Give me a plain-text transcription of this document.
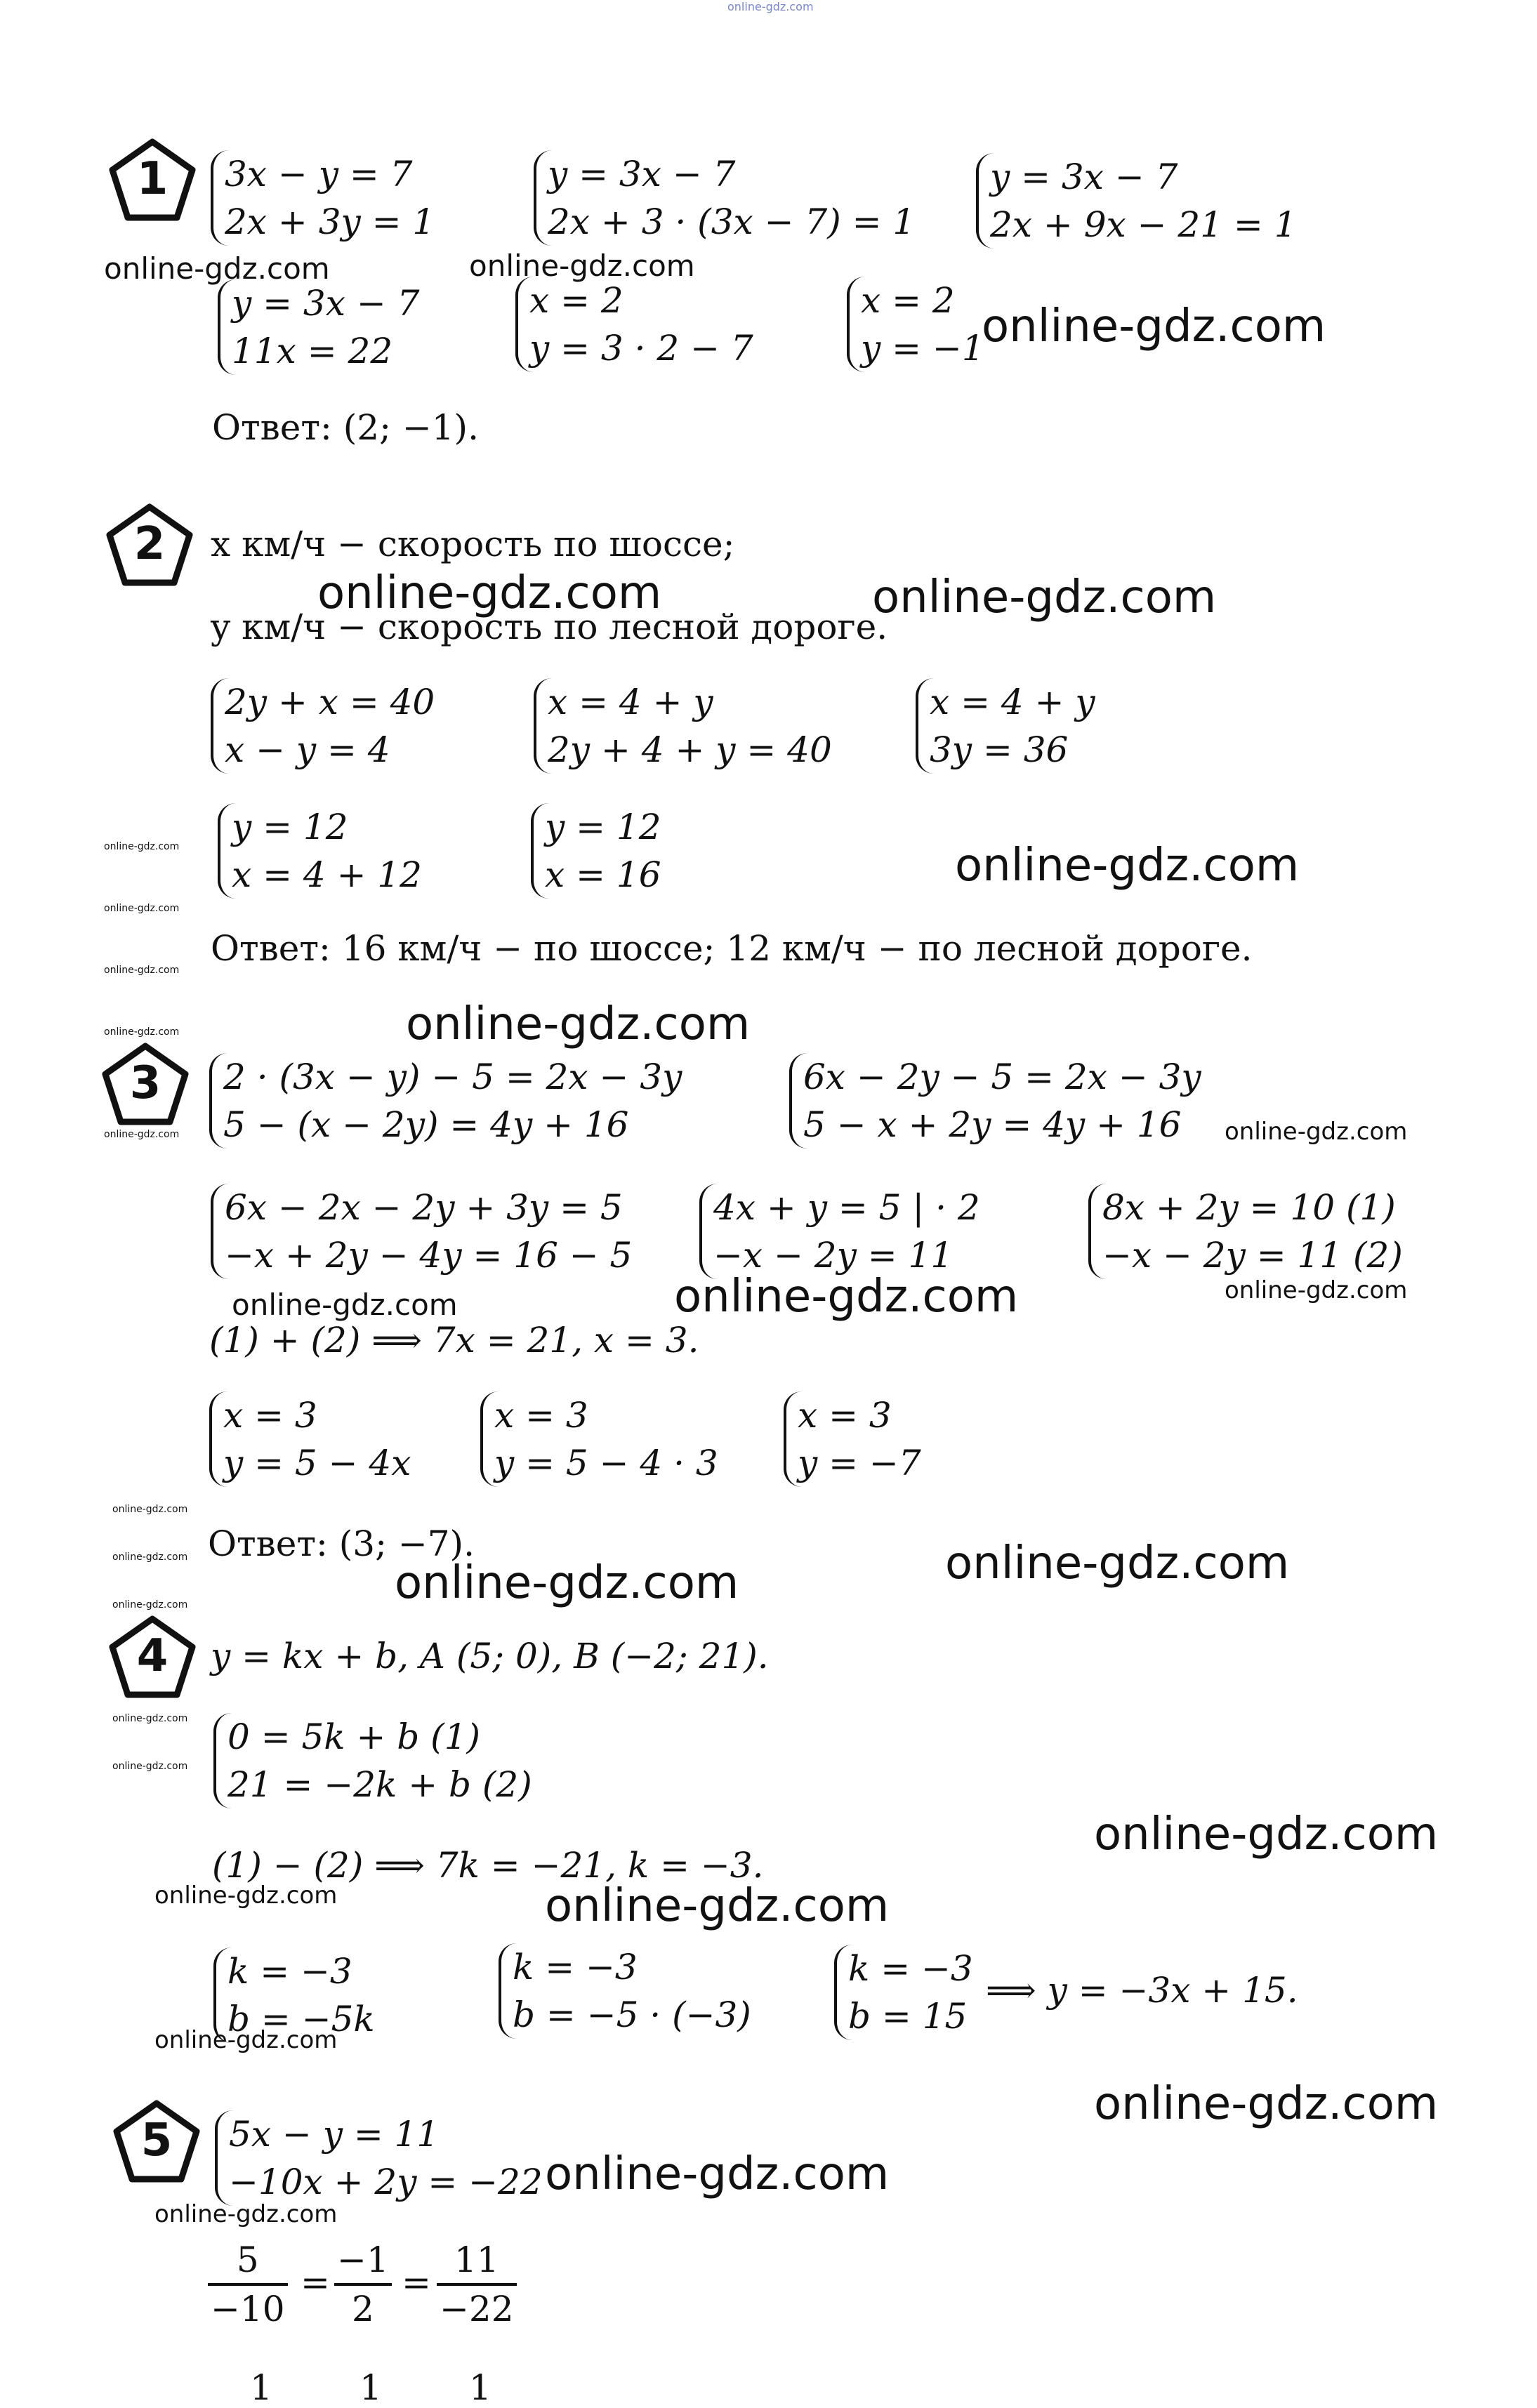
online-gdz.com
1	3x − y = 7
2x + 3y = 1
y = 3x − 7
2x + 3 · (3x − 7) = 1
y = 3x − 7
2x + 9x − 21 = 1
online-gdz.com	online-gdz.com
y = 3x − 7
11x = 22
x = 2
y = 3 · 2 − 7
x = 2
y = −1
online-gdz.com
Ответ: (2; −1).
2	x км/ч − скорость по шоссе;
online-gdz.com	online-gdz.com
y км/ч − скорость по лесной дороге.
2y + x = 40
x − y = 4
x = 4 + y
2y + 4 + y = 40
x = 4 + y
3y = 36
online-gdz.com y = 12
x = 4 + 12
y = 12
x = 16	online-gdz.com
online-gdz.com
Ответ: 16 км/ч − по шоссе; 12 км/ч − по лесной дороге.
online-gdz.com
online-gdz.com
online-gdz.com
3
online-gdz.com
2 · (3x − y) − 5 = 2x − 3y
5 − (x − 2y) = 4y + 16
6x − 2y − 5 = 2x − 3y
5 − x + 2y = 4y + 16	online-gdz.com
6x − 2x − 2y + 3y = 5
−x + 2y − 4y = 16 − 5
4x + y = 5 | · 2
−x − 2y = 11
8x + 2y = 10 (1)
−x − 2y = 11 (2)
online-gdz.com
online-gdz.com	online-gdz.com
(1) + (2) ⟹ 7x = 21, x = 3.
x = 3
y = 5 − 4x
x = 3
y = 5 − 4 · 3
x = 3
y = −7
online-gdz.com
Ответ: (3; −7).
online-gdz.com	online-gdz.com
online-gdz.com
online-gdz.com
4	y = kx + b, A (5; 0), B (−2; 21).
online-gdz.com 0 = 5k + b (1)
21 = −2k + b (2)
online-gdz.com
online-gdz.com
(1) − (2) ⟹ 7k = −21, k = −3.
online-gdz.com	online-gdz.com
k = −3
b = −5k
k = −3
b = −5 · (−3)
k = −3
b = 15
⟹ y = −3x + 15.
online-gdz.com
online-gdz.com
5	5x − y = 11
−10x + 2y = −22 online-gdz.com
online-gdz.com
$\frac{5}{-10} = \frac{-1}{2} = \frac{11}{-22}$
1 1 1
